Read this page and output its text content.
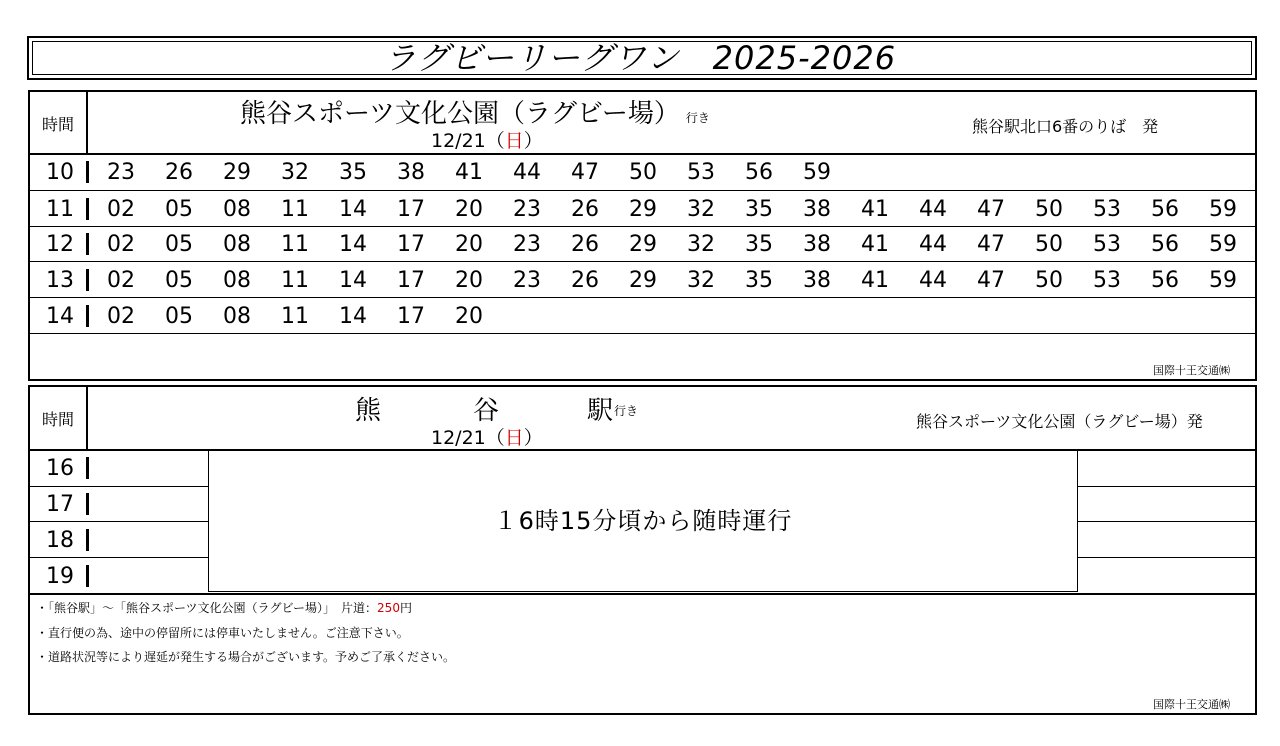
ラグビーリーグワン　2025-2026
時間	熊谷スポーツ文化公園（ラグビー場） 行き
12/21（日）
熊谷駅北口6番のりば　発
10	23	26	29	32	35	38	41	44	47	50	53	56	59
11	02	05	08	11	14	17	20	23	26	29	32	35	38	41	44	47	50	53	56	59
12	02	05	08	11	14	17	20	23	26	29	32	35	38	41	44	47	50	53	56	59
13	02	05	08	11	14	17	20	23	26	29	32	35	38	41	44	47	50	53	56	59
14	02	05	08	11	14	17	20
国際十王交通㈱
時間	熊	谷	駅 行き
12/21（日）
熊谷スポーツ文化公園（ラグビー場）発
16
17
18
19
１6時15分頃から随時運行
・「熊谷駅」～「熊谷スポーツ文化公園（ラグビー場）」　片道：250円
・直行便の為、途中の停留所には停車いたしません。ご注意下さい。
・道路状況等により遅延が発生する場合がございます。予めご了承ください。
国際十王交通㈱
